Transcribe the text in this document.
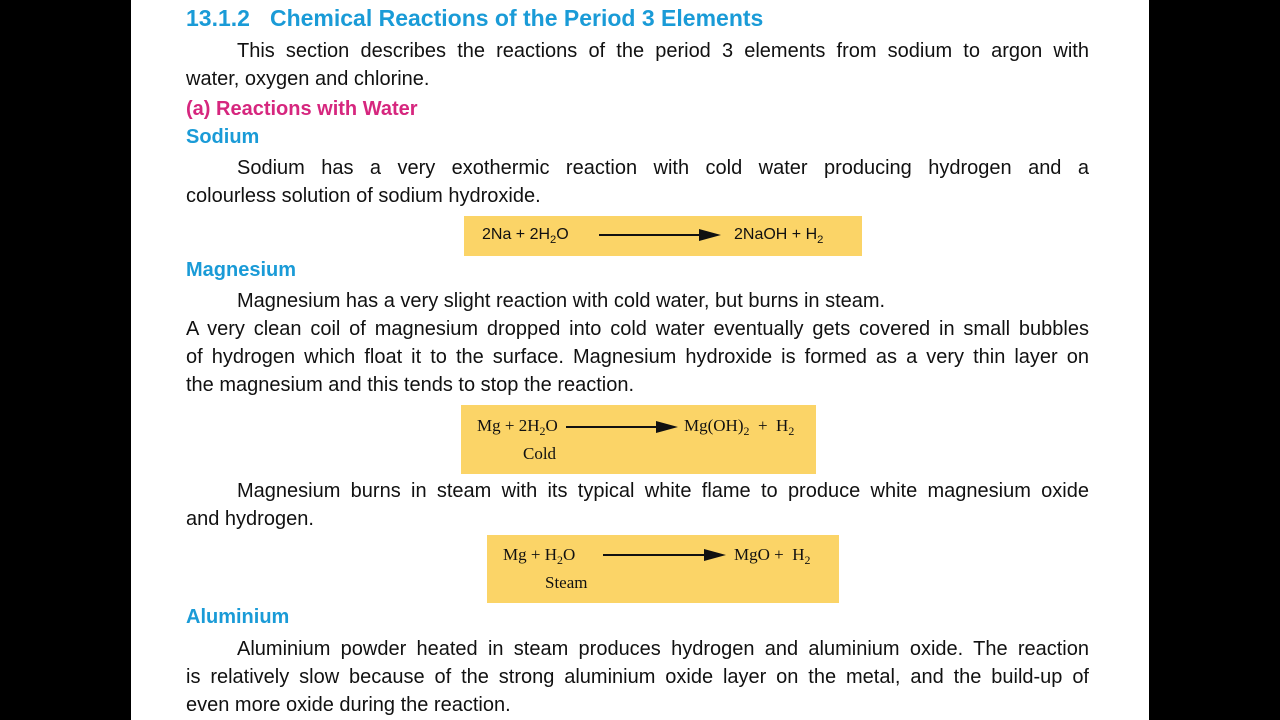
13.1.2 Chemical Reactions of the Period 3 Elements
This section describes the reactions of the period 3 elements from sodium to argon with
water, oxygen and chlorine.
(a) Reactions with Water
Sodium
Sodium has a very exothermic reaction with cold water producing hydrogen and a
colourless solution of sodium hydroxide.
$2Na + 2H_2O$	2NaOH + $H_2$
Magnesium
Magnesium has a very slight reaction with cold water, but burns in steam.
A very clean coil of magnesium dropped into cold water eventually gets covered in small bubbles
of hydrogen which float it to the surface. Magnesium hydroxide is formed as a very thin layer on
the magnesium and this tends to stop the reaction.
$Mg + 2H_2O$	$Mg(OH)_2 + H_2$
Cold
Magnesium burns in steam with its typical white flame to produce white magnesium oxide
and hydrogen.
$Mg + H_2O$	MgO +  $H_2$
Steam
Aluminium
Aluminium powder heated in steam produces hydrogen and aluminium oxide. The reaction
is relatively slow because of the strong aluminium oxide layer on the metal, and the build-up of
even more oxide during the reaction.
